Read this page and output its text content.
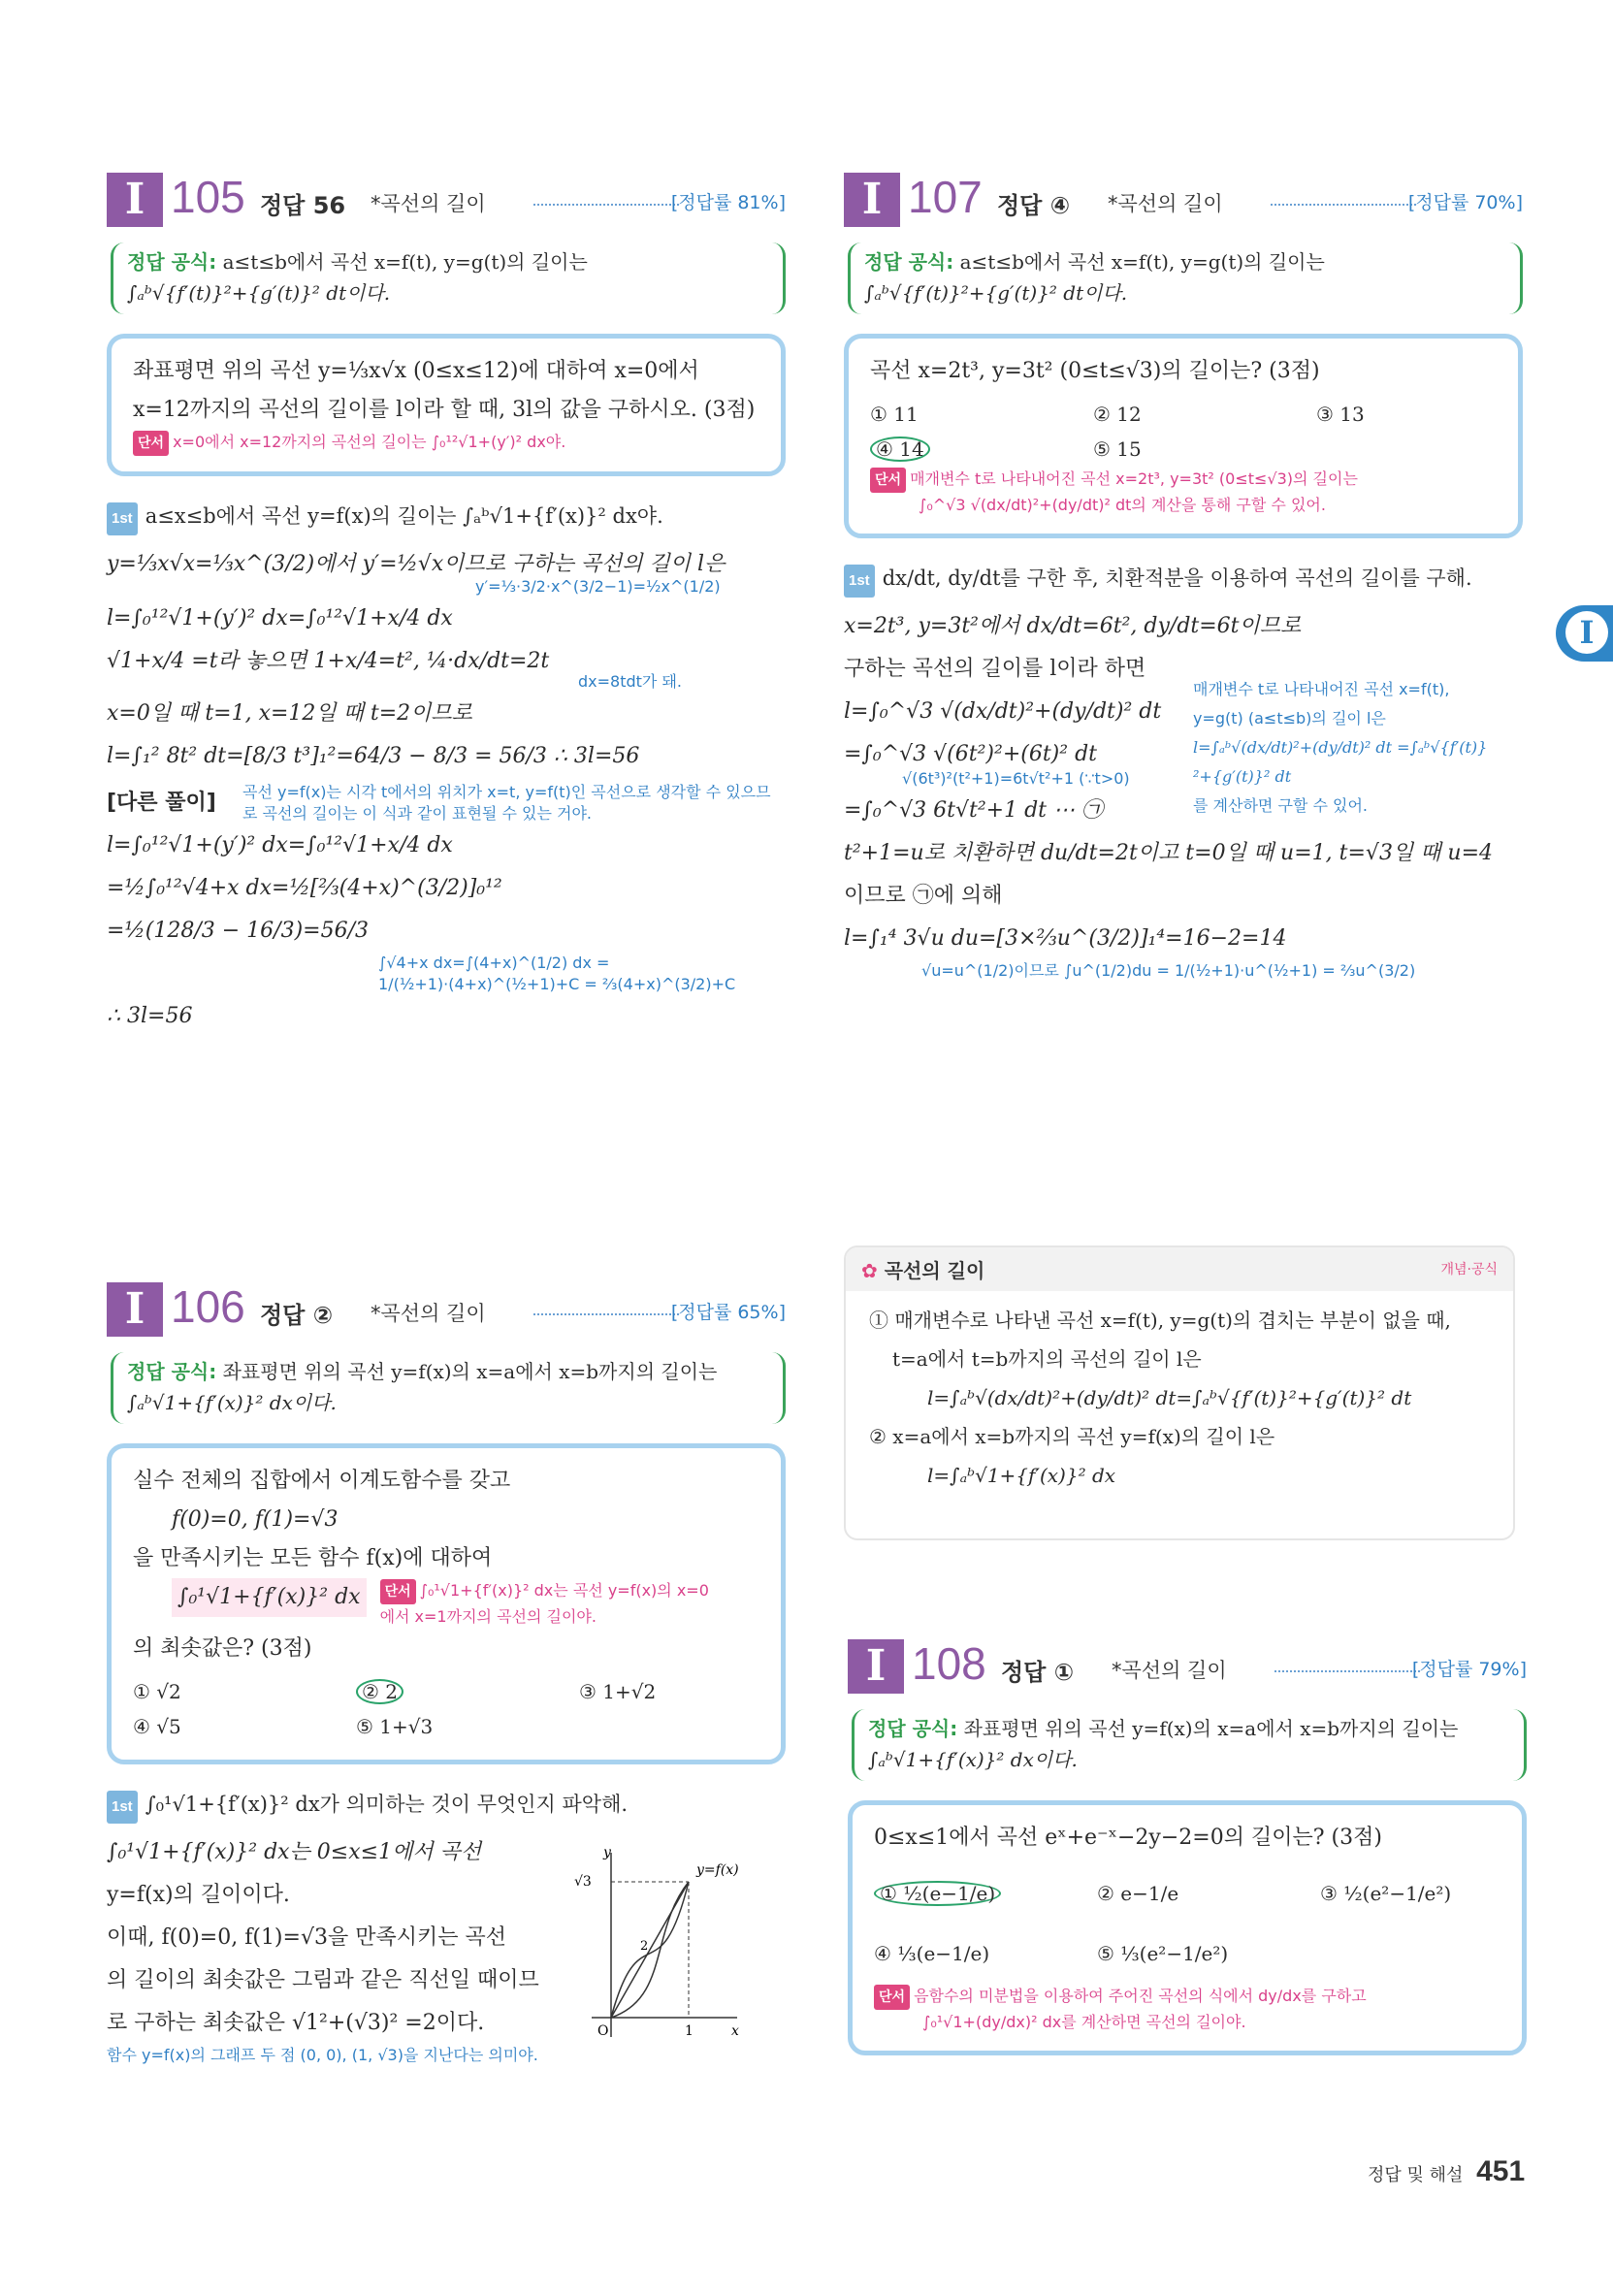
I 105 정답 56 *곡선의 길이	[정답률 81%]
정답 공식: a≤t≤b에서 곡선 x=f(t), y=g(t)의 길이는
∫ₐᵇ√{f′(t)}²+{g′(t)}² dt이다.
좌표평면 위의 곡선 y=⅓x√x (0≤x≤12)에 대하여 x=0에서
x=12까지의 곡선의 길이를 l이라 할 때, 3l의 값을 구하시오. (3점)
단서 x=0에서 x=12까지의 곡선의 길이는 ∫₀¹²√1+(y′)² dx야.
1st a≤x≤b에서 곡선 y=f(x)의 길이는 ∫ₐᵇ√1+{f′(x)}² dx야.
y=⅓x√x=⅓x^(3/2)에서 y′=½√x이므로 구하는 곡선의 길이 l은
y′=⅓·3/2·x^(3/2−1)=½x^(1/2)
l=∫₀¹²√1+(y′)² dx=∫₀¹²√1+x/4 dx
√1+x/4 =t라 놓으면 1+x/4=t², ¼·dx/dt=2t
dx=8tdt가 돼.
x=0일 때 t=1, x=12일 때 t=2이므로
l=∫₁² 8t² dt=[8/3 t³]₁²=64/3 − 8/3 = 56/3 ∴ 3l=56
[다른 풀이]	곡선 y=f(x)는 시각 t에서의 위치가 x=t, y=f(t)인 곡선으로 생각할 수 있으므로 곡선의 길이는 이 식과 같이 표현될 수 있는 거야.
l=∫₀¹²√1+(y′)² dx=∫₀¹²√1+x/4 dx
=½∫₀¹²√4+x dx=½[⅔(4+x)^(3/2)]₀¹²
=½(128/3 − 16/3)=56/3
∫√4+x dx=∫(4+x)^(1/2) dx = 1/(½+1)·(4+x)^(½+1)+C = ⅔(4+x)^(3/2)+C
∴ 3l=56
I 106 정답 ② *곡선의 길이	[정답률 65%]
정답 공식: 좌표평면 위의 곡선 y=f(x)의 x=a에서 x=b까지의 길이는
∫ₐᵇ√1+{f′(x)}² dx이다.
실수 전체의 집합에서 이계도함수를 갖고
f(0)=0, f(1)=√3
을 만족시키는 모든 함수 f(x)에 대하여
∫₀¹√1+{f′(x)}² dx	단서 ∫₀¹√1+{f′(x)}² dx는 곡선 y=f(x)의 x=0에서 x=1까지의 곡선의 길이야.
의 최솟값은? (3점)
① √2	② 2	③ 1+√2
④ √5	⑤ 1+√3
1st ∫₀¹√1+{f′(x)}² dx가 의미하는 것이 무엇인지 파악해.
∫₀¹√1+{f′(x)}² dx는 0≤x≤1에서 곡선
y=f(x)의 길이이다.
이때, f(0)=0, f(1)=√3을 만족시키는 곡선
의 길이의 최솟값은 그림과 같은 직선일 때이므
로 구하는 최솟값은 √1²+(√3)² =2이다.
함수 y=f(x)의 그래프 두 점 (0, 0), (1, √3)을 지난다는 의미야.
y
x
O	1
√3
y=f(x)
2
I 107 정답 ④ *곡선의 길이	[정답률 70%]
정답 공식: a≤t≤b에서 곡선 x=f(t), y=g(t)의 길이는
∫ₐᵇ√{f′(t)}²+{g′(t)}² dt이다.
곡선 x=2t³, y=3t² (0≤t≤√3)의 길이는? (3점)
① 11	② 12	③ 13
④ 14	⑤ 15
단서 매개변수 t로 나타내어진 곡선 x=2t³, y=3t² (0≤t≤√3)의 길이는
∫₀^√3 √(dx/dt)²+(dy/dt)² dt의 계산을 통해 구할 수 있어.
1st dx/dt, dy/dt를 구한 후, 치환적분을 이용하여 곡선의 길이를 구해.
x=2t³, y=3t²에서 dx/dt=6t², dy/dt=6t이므로
구하는 곡선의 길이를 l이라 하면
l=∫₀^√3 √(dx/dt)²+(dy/dt)² dt
=∫₀^√3 √(6t²)²+(6t)² dt
√(6t³)²(t²+1)=6t√t²+1 (∵t>0)
=∫₀^√3 6t√t²+1 dt ⋯ ㉠
매개변수 t로 나타내어진 곡선 x=f(t), y=g(t) (a≤t≤b)의 길이 l은
l=∫ₐᵇ√(dx/dt)²+(dy/dt)² dt =∫ₐᵇ√{f′(t)}²+{g′(t)}² dt
를 계산하면 구할 수 있어.
t²+1=u로 치환하면 du/dt=2t이고 t=0일 때 u=1, t=√3일 때 u=4
이므로 ㉠에 의해
l=∫₁⁴ 3√u du=[3×⅔u^(3/2)]₁⁴=16−2=14
√u=u^(1/2)이므로 ∫u^(1/2)du = 1/(½+1)·u^(½+1) = ⅔u^(3/2)
✿ 곡선의 길이	개념·공식
① 매개변수로 나타낸 곡선 x=f(t), y=g(t)의 겹치는 부분이 없을 때,
t=a에서 t=b까지의 곡선의 길이 l은
l=∫ₐᵇ√(dx/dt)²+(dy/dt)² dt=∫ₐᵇ√{f′(t)}²+{g′(t)}² dt
② x=a에서 x=b까지의 곡선 y=f(x)의 길이 l은
l=∫ₐᵇ√1+{f′(x)}² dx
I 108 정답 ① *곡선의 길이	[정답률 79%]
정답 공식: 좌표평면 위의 곡선 y=f(x)의 x=a에서 x=b까지의 길이는
∫ₐᵇ√1+{f′(x)}² dx이다.
0≤x≤1에서 곡선 eˣ+e⁻ˣ−2y−2=0의 길이는? (3점)
① ½(e−1/e)	② e−1/e	③ ½(e²−1/e²)
④ ⅓(e−1/e)	⑤ ⅓(e²−1/e²)
단서 음함수의 미분법을 이용하여 주어진 곡선의 식에서 dy/dx를 구하고
∫₀¹√1+(dy/dx)² dx를 계산하면 곡선의 길이야.
I
정답 및 해설 451
